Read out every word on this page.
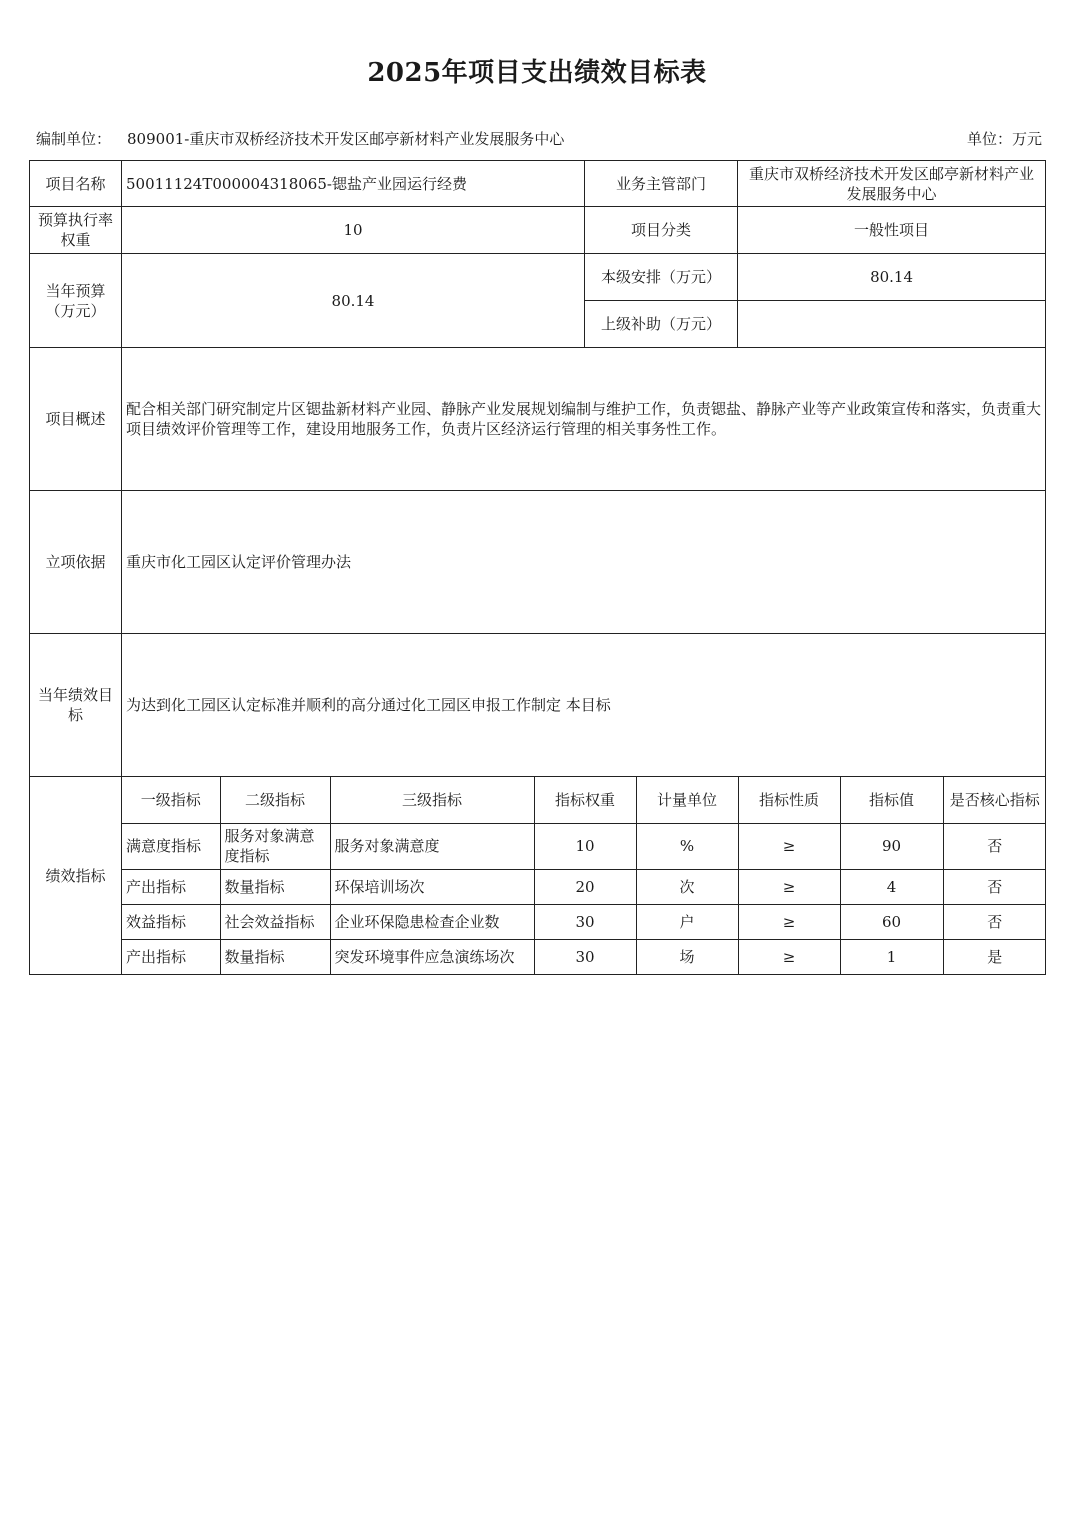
2025年项目支出绩效目标表
编制单位： 809001-重庆市双桥经济技术开发区邮亭新材料产业发展服务中心	单位：万元
项目名称	50011124T000004318065-锶盐产业园运行经费	业务主管部门	重庆市双桥经济技术开发区邮亭新材料产业发展服务中心
预算执行率权重	10	项目分类	一般性项目
当年预算（万元）	80.14	本级安排（万元）	80.14
上级补助（万元）	
项目概述	配合相关部门研究制定片区锶盐新材料产业园、静脉产业发展规划编制与维护工作，负责锶盐、静脉产业等产业政策宣传和落实，负责重大项目绩效评价管理等工作，建设用地服务工作，负责片区经济运行管理的相关事务性工作。
立项依据	重庆市化工园区认定评价管理办法
当年绩效目标	为达到化工园区认定标准并顺利的高分通过化工园区申报工作制定 本目标
绩效指标	
一级指标	二级指标	三级指标	指标权重	计量单位	指标性质	指标值	是否核心指标
满意度指标	服务对象满意度指标	服务对象满意度	10	%	≥	90	否
产出指标	数量指标	环保培训场次	20	次	≥	4	否
效益指标	社会效益指标	企业环保隐患检查企业数	30	户	≥	60	否
产出指标	数量指标	突发环境事件应急演练场次	30	场	≥	1	是
